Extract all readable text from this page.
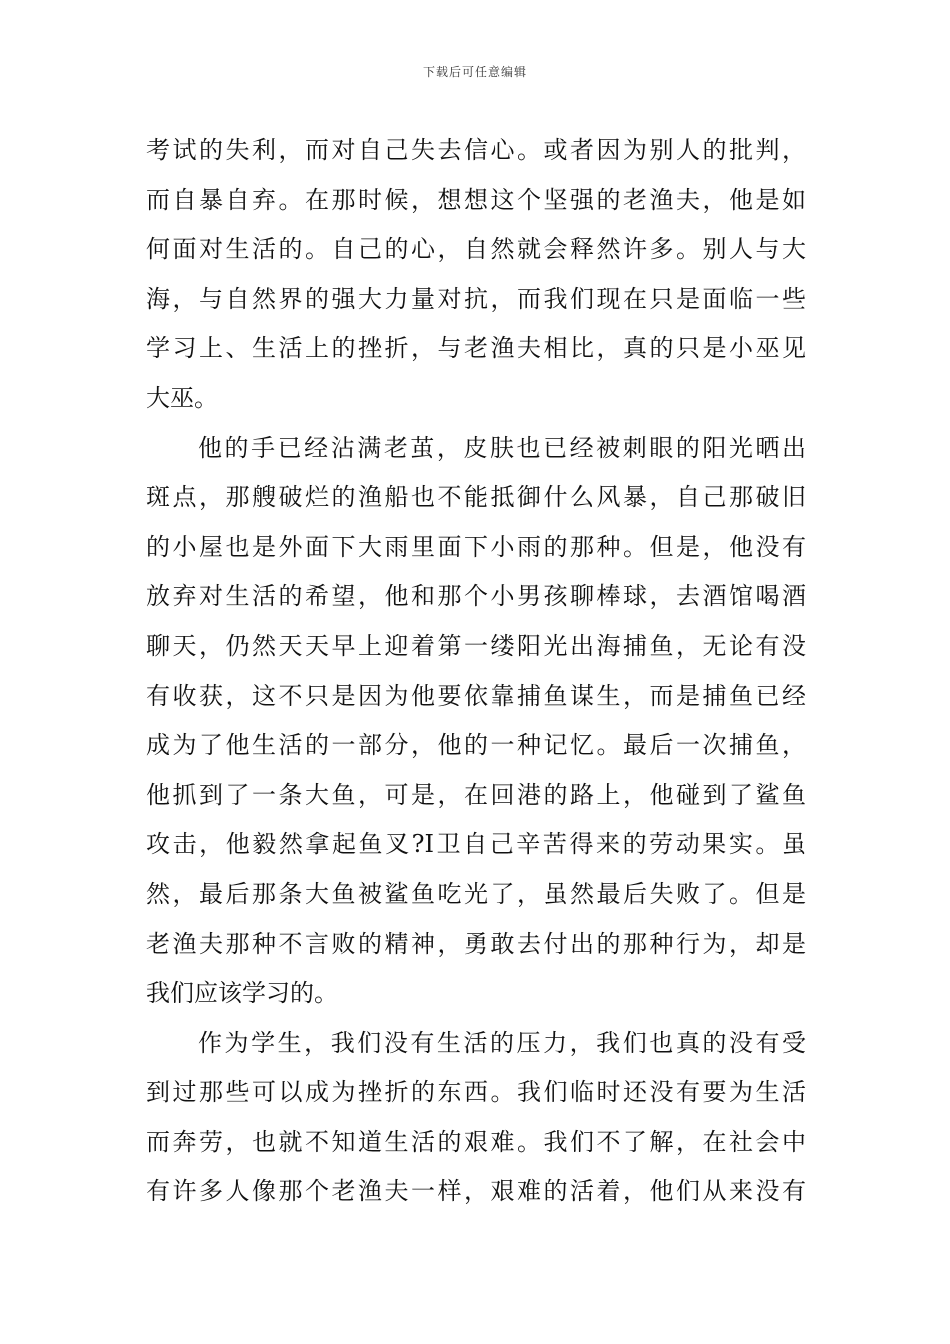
下载后可任意编辑
考试的失利，而对自己失去信心。或者因为别人的批判，
而自暴自弃。在那时候，想想这个坚强的老渔夫，他是如
何面对生活的。自己的心，自然就会释然许多。别人与大
海，与自然界的强大力量对抗，而我们现在只是面临一些
学习上、生活上的挫折，与老渔夫相比，真的只是小巫见
大巫。
他的手已经沾满老茧，皮肤也已经被刺眼的阳光晒出
斑点，那艘破烂的渔船也不能抵御什么风暴，自己那破旧
的小屋也是外面下大雨里面下小雨的那种。但是，他没有
放弃对生活的希望，他和那个小男孩聊棒球，去酒馆喝酒
聊天，仍然天天早上迎着第一缕阳光出海捕鱼，无论有没
有收获，这不只是因为他要依靠捕鱼谋生，而是捕鱼已经
成为了他生活的一部分，他的一种记忆。最后一次捕鱼，
他抓到了一条大鱼，可是，在回港的路上，他碰到了鲨鱼
攻击，他毅然拿起鱼叉?I卫自己辛苦得来的劳动果实。虽
然，最后那条大鱼被鲨鱼吃光了，虽然最后失败了。但是
老渔夫那种不言败的精神，勇敢去付出的那种行为，却是
我们应该学习的。
作为学生，我们没有生活的压力，我们也真的没有受
到过那些可以成为挫折的东西。我们临时还没有要为生活
而奔劳，也就不知道生活的艰难。我们不了解，在社会中
有许多人像那个老渔夫一样，艰难的活着，他们从来没有
